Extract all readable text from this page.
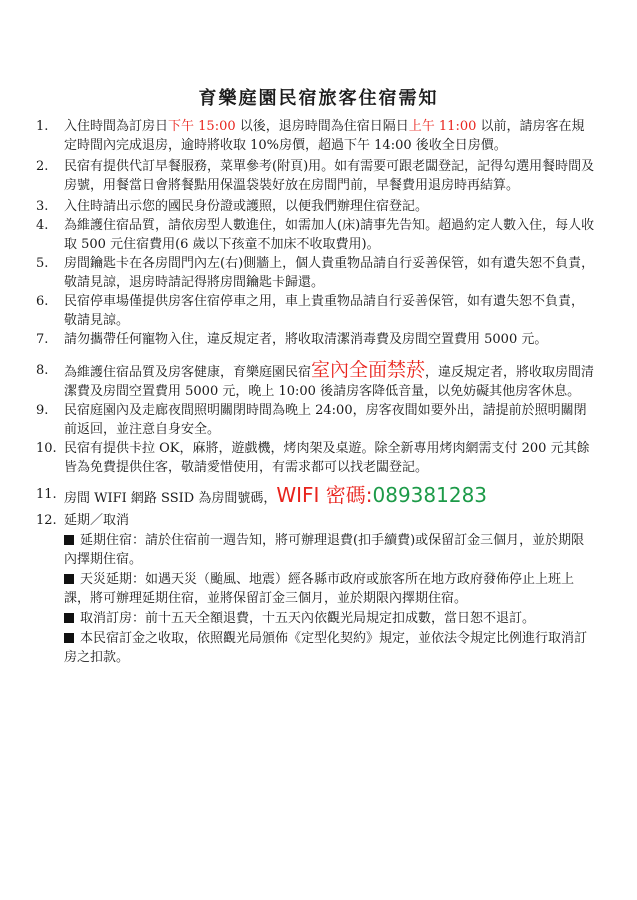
育樂庭園民宿旅客住宿需知
1. 入住時間為訂房日下午 15:00 以後，退房時間為住宿日隔日上午 11:00 以前，請房客在規定時間內完成退房，逾時將收取 10%房價，超過下午 14:00 後收全日房價。
2. 民宿有提供代訂早餐服務，菜單參考(附頁)用。如有需要可跟老闆登記，記得勾選用餐時間及房號，用餐當日會將餐點用保溫袋裝好放在房間門前，早餐費用退房時再結算。
3. 入住時請出示您的國民身份證或護照，以便我們辦理住宿登記。
4. 為維護住宿品質，請依房型人數進住，如需加人(床)請事先告知。超過約定人數入住，每人收取 500 元住宿費用(6 歲以下孩童不加床不收取費用)。
5. 房間鑰匙卡在各房間門內左(右)側牆上，個人貴重物品請自行妥善保管，如有遺失恕不負責，敬請見諒，退房時請記得將房間鑰匙卡歸還。
6. 民宿停車場僅提供房客住宿停車之用，車上貴重物品請自行妥善保管，如有遺失恕不負責，敬請見諒。
7. 請勿攜帶任何寵物入住，違反規定者，將收取清潔消毒費及房間空置費用 5000 元。
8. 為維護住宿品質及房客健康，育樂庭園民宿室內全面禁菸，違反規定者，將收取房間清潔費及房間空置費用 5000 元，晚上 10:00 後請房客降低音量，以免妨礙其他房客休息。
9. 民宿庭園內及走廊夜間照明關閉時間為晚上 24:00，房客夜間如要外出，請提前於照明關閉前返回，並注意自身安全。
10. 民宿有提供卡拉 OK，麻將，遊戲機，烤肉架及桌遊。除全新專用烤肉網需支付 200 元其餘皆為免費提供住客，敬請愛惜使用，有需求都可以找老闆登記。
11. 房間 WIFI 網路 SSID 為房間號碼，WIFI 密碼:089381283
12. 延期／取消
延期住宿：請於住宿前一週告知，將可辦理退費(扣手續費)或保留訂金三個月，並於期限內擇期住宿。
天災延期：如遇天災（颱風、地震）經各縣市政府或旅客所在地方政府發佈停止上班上課，將可辦理延期住宿，並將保留訂金三個月，並於期限內擇期住宿。
取消訂房：前十五天全額退費，十五天內依觀光局規定扣成數，當日恕不退訂。
本民宿訂金之收取，依照觀光局頒佈《定型化契約》規定，並依法令規定比例進行取消訂房之扣款。
